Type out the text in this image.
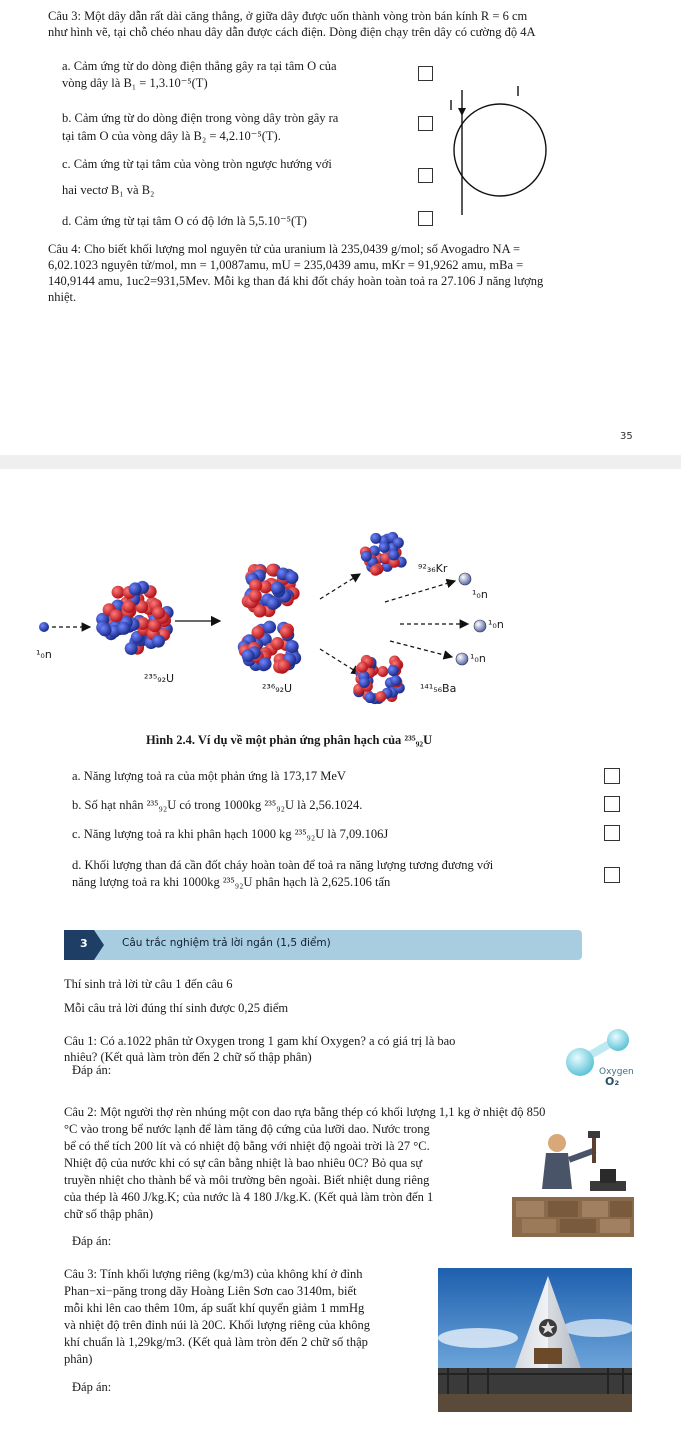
Câu 3: Một dây dẫn rất dài căng thẳng, ở giữa dây được uốn thành vòng tròn bán kính R = 6 cm

như hình vẽ, tại chỗ chéo nhau dây dẫn được cách điện. Dòng điện chạy trên dây có cường độ 4A

a. Cảm ứng từ do dòng điện thẳng gây ra tại tâm O của

vòng dây là B₁ = 1,3.10⁻⁵(T)

b. Cảm ứng từ do dòng điện trong vòng dây tròn gây ra

tại tâm O của vòng dây là B₂ = 4,2.10⁻⁵(T).

c. Cảm ứng từ tại tâm của vòng tròn ngược hướng với

hai vectơ B₁ và B₂

d. Cảm ứng từ tại tâm O có độ lớn là 5,5.10⁻⁵(T)

Câu 4: Cho biết khối lượng mol nguyên tử của uranium là 235,0439 g/mol; số Avogadro NA =

6,02.1023 nguyên tử/mol, mn = 1,0087amu, mU = 235,0439 amu, mKr = 91,9262 amu, mBa =

140,9144 amu, 1uc2=931,5Mev. Mỗi kg than đá khi đốt cháy hoàn toàn toả ra 27.106 J năng lượng

nhiệt.

35
¹₀n
²³⁵₉₂U
²³⁶₉₂U
⁹²₃₆Kr
¹⁴¹₅₆Ba
¹₀n
¹₀n
¹₀n

Hình 2.4. Ví dụ về một phản ứng phân hạch của ²³⁵₉₂U

a. Năng lượng toả ra của một phản ứng là 173,17 MeV

b. Số hạt nhân ²³⁵₉₂U có trong 1000kg ²³⁵₉₂U là 2,56.1024.

c. Năng lượng toả ra khi phân hạch 1000 kg ²³⁵₉₂U là 7,09.106J

d. Khối lượng than đá cần đốt cháy hoàn toàn để toả ra năng lượng tương đương với

năng lượng toả ra khi 1000kg ²³⁵₉₂U phân hạch là 2,625.106 tấn

3	Câu trắc nghiệm trả lời ngắn (1,5 điểm)

Thí sinh trả lời từ câu 1 đến câu 6

Mỗi câu trả lời đúng thí sinh được 0,25 điểm

Câu 1: Có a.1022 phân tử Oxygen trong 1 gam khí Oxygen? a có giá trị là bao

nhiêu? (Kết quả làm tròn đến 2 chữ số thập phân)

Đáp án:	Oxygen
O₂

Câu 2: Một người thợ rèn nhúng một con dao rựa bằng thép có khối lượng 1,1 kg ở nhiệt độ 850

°C vào trong bể nước lạnh để làm tăng độ cứng của lưỡi dao. Nước trong

bể có thể tích 200 lít và có nhiệt độ bằng với nhiệt độ ngoài trời là 27 °C.

Nhiệt độ của nước khi có sự cân bằng nhiệt là bao nhiêu 0C? Bỏ qua sự

truyền nhiệt cho thành bể và môi trường bên ngoài. Biết nhiệt dung riêng

của thép là 460 J/kg.K; của nước là 4 180 J/kg.K. (Kết quả làm tròn đến 1

chữ số thập phân)

Đáp án:

Câu 3: Tính khối lượng riêng (kg/m3) của không khí ở đỉnh

Phan−xi−păng trong dãy Hoàng Liên Sơn cao 3140m, biết

mỗi khi lên cao thêm 10m, áp suất khí quyển giảm 1 mmHg

và nhiệt độ trên đỉnh núi là 20C. Khối lượng riêng của không

khí chuẩn là 1,29kg/m3. (Kết quả làm tròn đến 2 chữ số thập

phân)

Đáp án:
